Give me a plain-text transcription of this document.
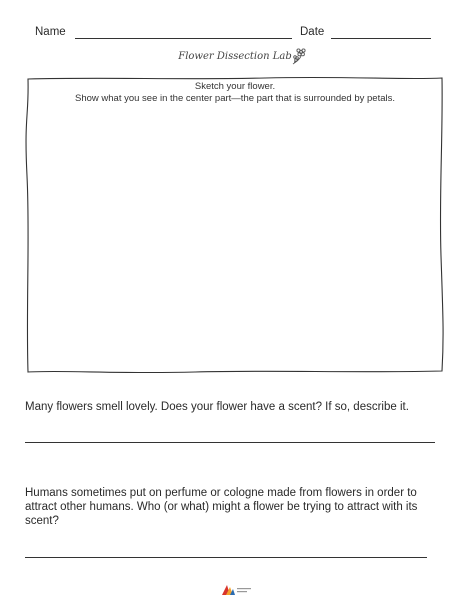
Name	Date
Flower Dissection Lab
Sketch your flower.
Show what you see in the center part—the part that is surrounded by petals.
Many flowers smell lovely. Does your flower have a scent? If so, describe it.
Humans sometimes put on perfume or cologne made from flowers in order to attract other humans. Who (or what) might a flower be trying to attract with its scent?
